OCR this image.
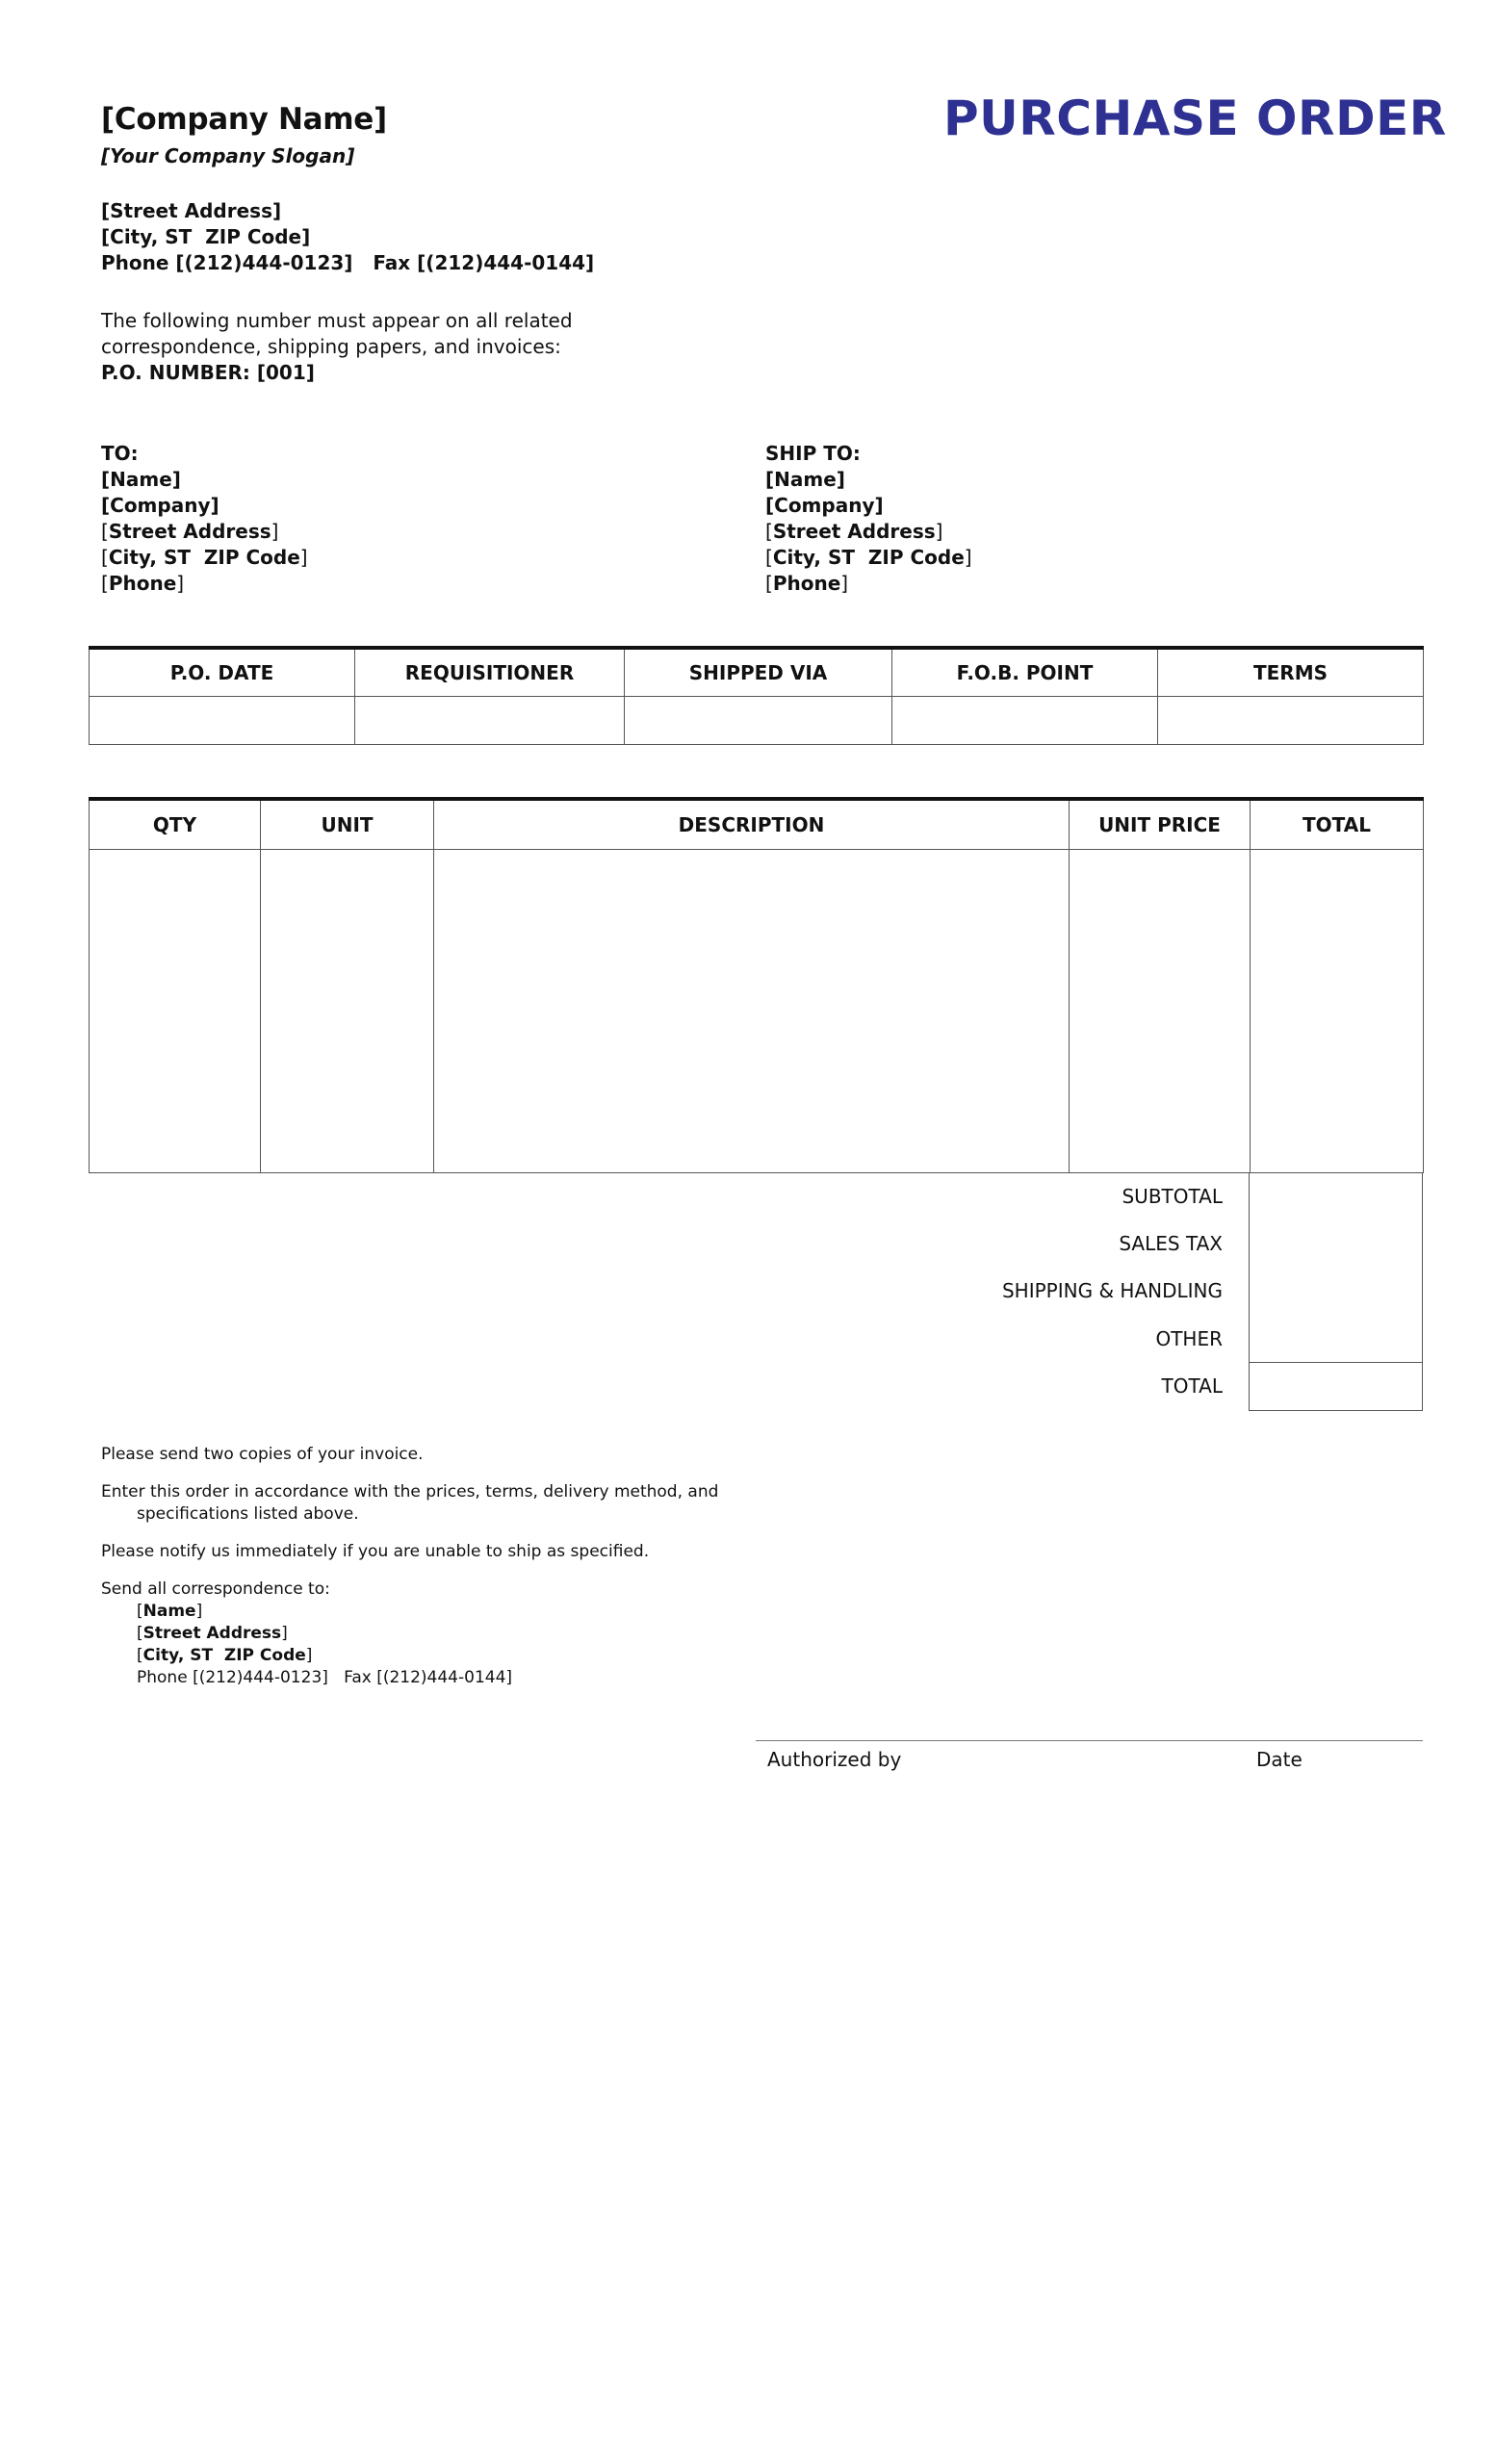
[Company Name]
[Your Company Slogan]
PURCHASE ORDER
[Street Address]
[City, ST  ZIP Code]
Phone [(212)444-0123]   Fax [(212)444-0144]
The following number must appear on all related
correspondence, shipping papers, and invoices:
P.O. NUMBER: [001]
TO:
[Name]
[Company]
[Street Address]
[City, ST  ZIP Code]
[Phone]
SHIP TO:
[Name]
[Company]
[Street Address]
[City, ST  ZIP Code]
[Phone]
P.O. DATE	REQUISITIONER	SHIPPED VIA	F.O.B. POINT	TERMS

QTY	UNIT	DESCRIPTION	UNIT PRICE	TOTAL

SUBTOTAL
SALES TAX
SHIPPING & HANDLING
OTHER
TOTAL

Please send two copies of your invoice.

Enter this order in accordance with the prices, terms, delivery method, and
specifications listed above.

Please notify us immediately if you are unable to ship as specified.

Send all correspondence to:
[Name]
[Street Address]
[City, ST  ZIP Code]
Phone [(212)444-0123]   Fax [(212)444-0144]
Authorized by	Date
